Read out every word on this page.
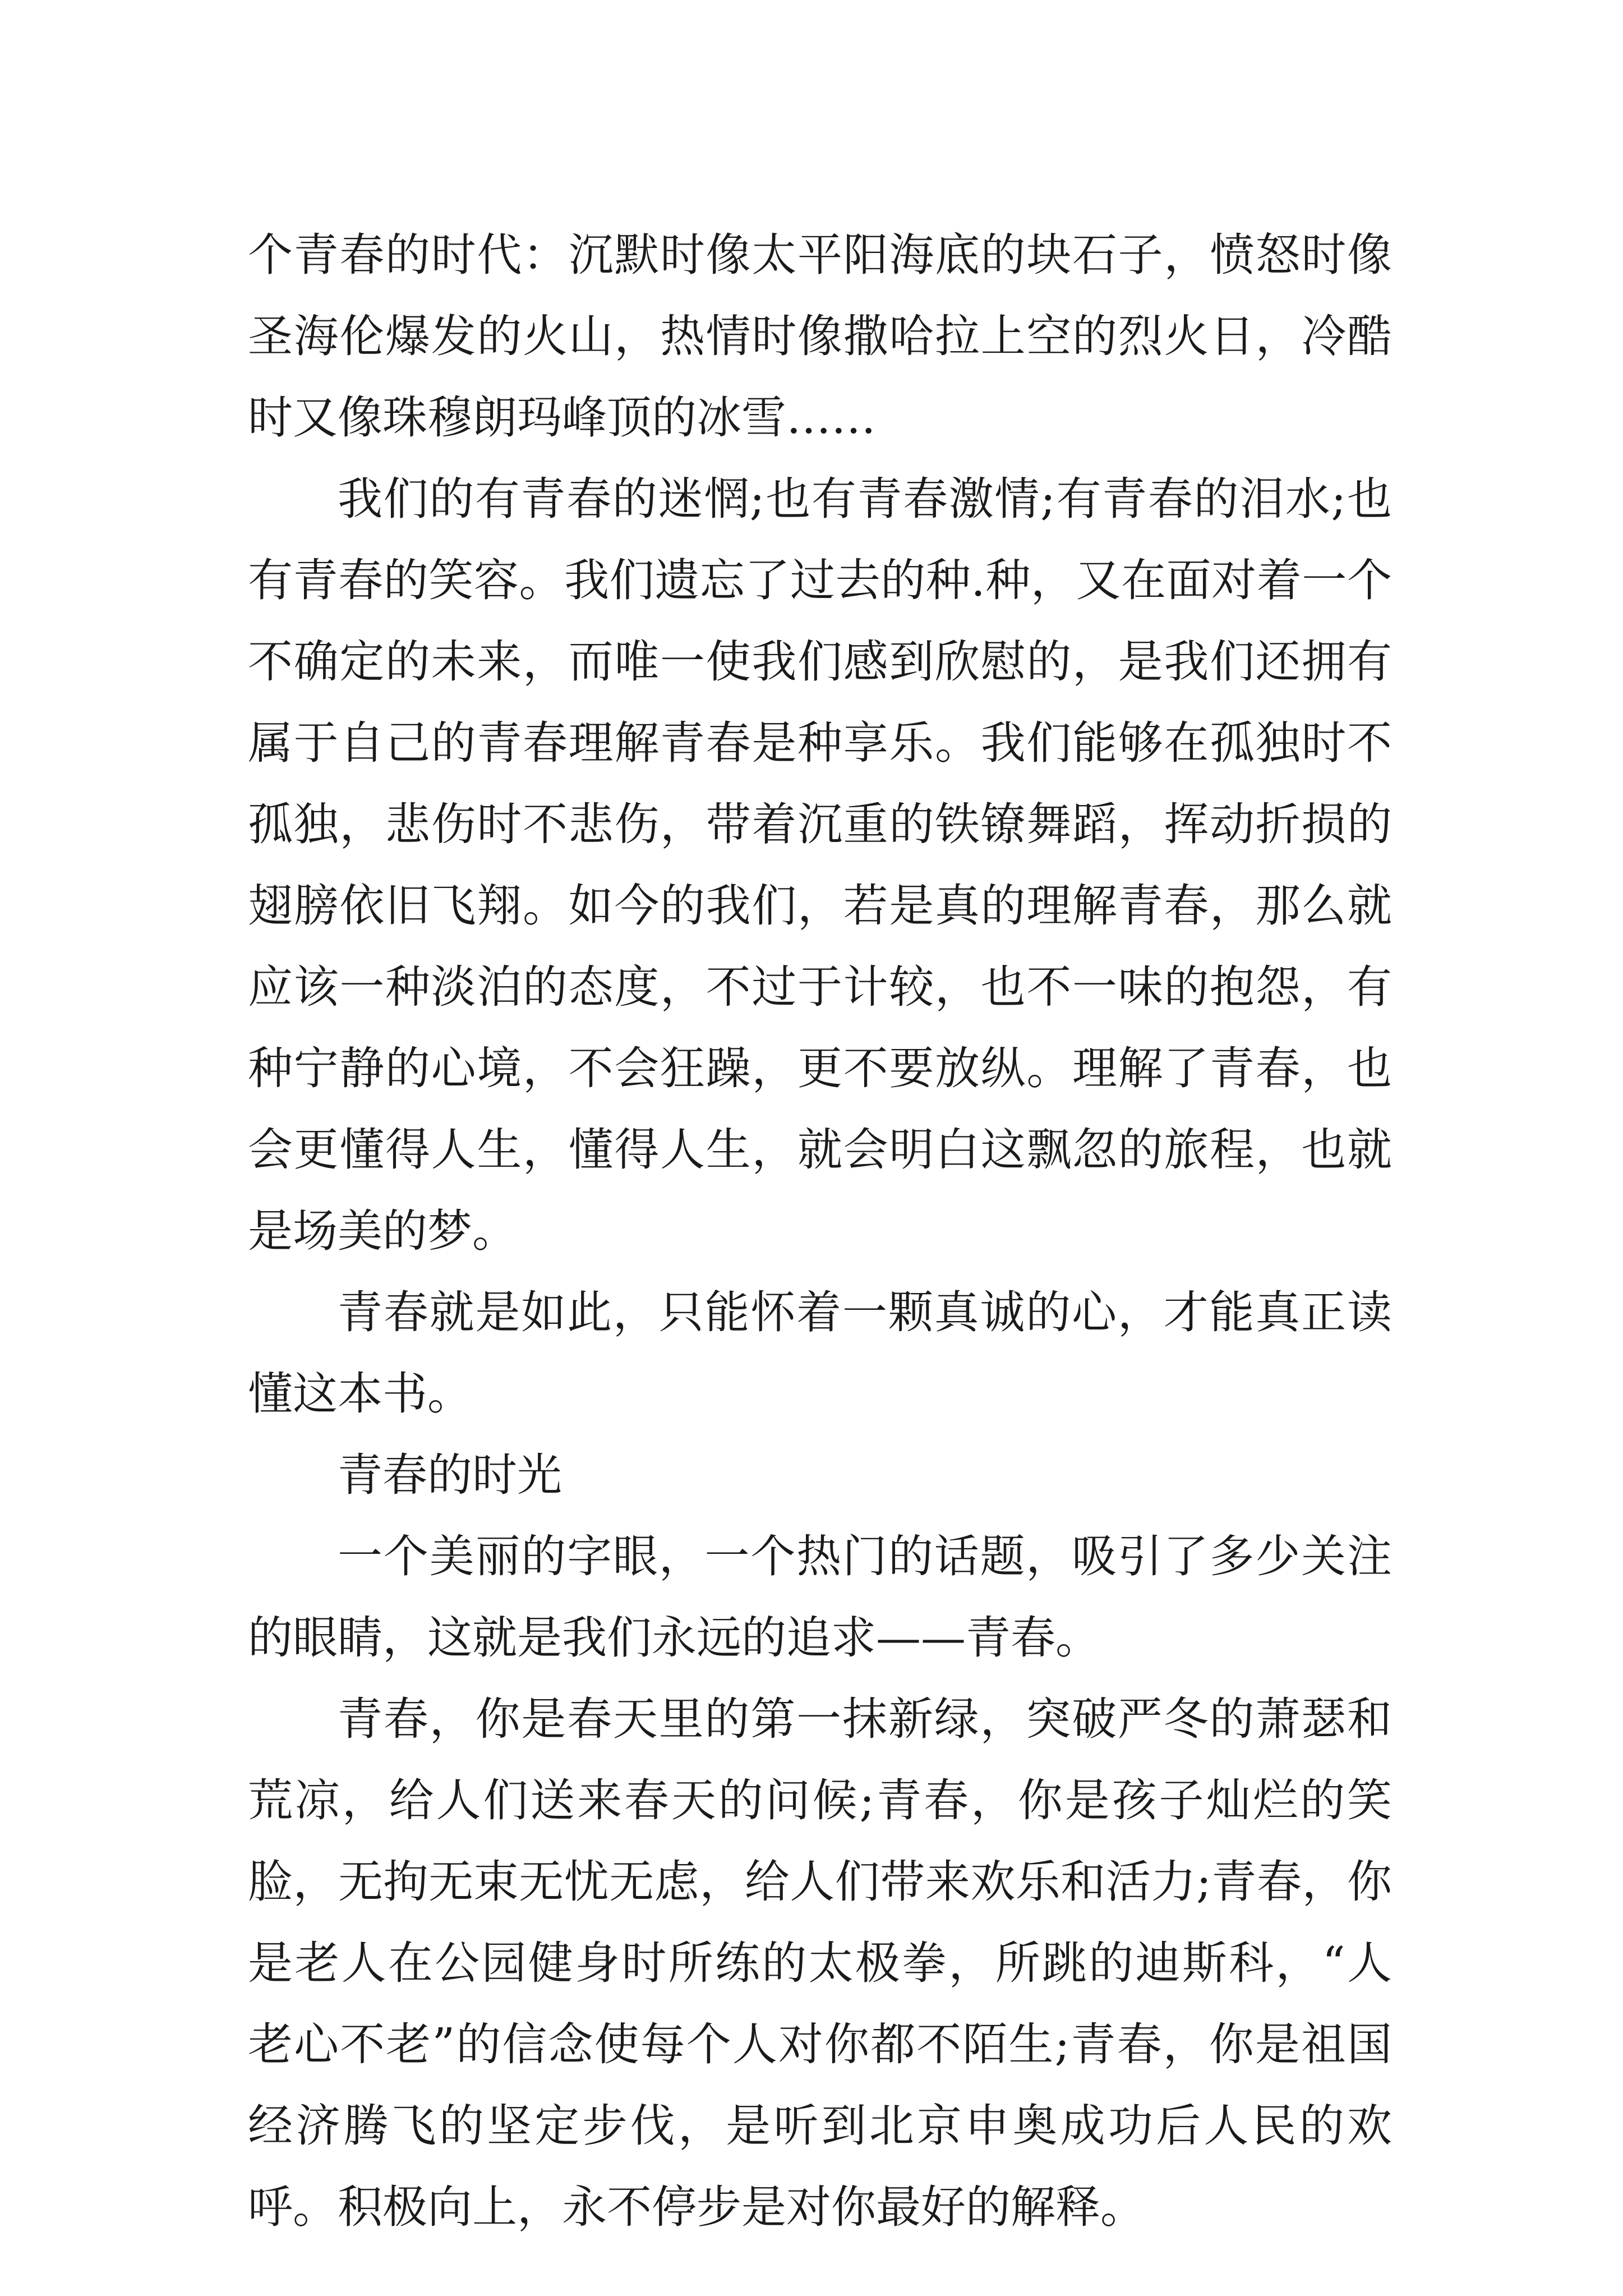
个青春的时代：沉默时像太平阳海底的块石子，愤怒时像圣海伦爆发的火山，热情时像撒哈拉上空的烈火日，冷酷时又像珠穆朗玛峰顶的冰雪……

我们的有青春的迷惘;也有青春激情;有青春的泪水;也有青春的笑容。我们遗忘了过去的种.种，又在面对着一个不确定的未来，而唯一使我们感到欣慰的，是我们还拥有属于自己的青春理解青春是种享乐。我们能够在孤独时不孤独，悲伤时不悲伤，带着沉重的铁镣舞蹈，挥动折损的翅膀依旧飞翔。如今的我们，若是真的理解青春，那么就应该一种淡泊的态度，不过于计较，也不一味的抱怨，有种宁静的心境，不会狂躁，更不要放纵。理解了青春，也会更懂得人生，懂得人生，就会明白这飘忽的旅程，也就是场美的梦。

青春就是如此，只能怀着一颗真诚的心，才能真正读懂这本书。

青春的时光

一个美丽的字眼，一个热门的话题，吸引了多少关注的眼睛，这就是我们永远的追求——青春。

青春，你是春天里的第一抹新绿，突破严冬的萧瑟和荒凉，给人们送来春天的问候;青春，你是孩子灿烂的笑脸，无拘无束无忧无虑，给人们带来欢乐和活力;青春，你是老人在公园健身时所练的太极拳，所跳的迪斯科，“人老心不老”的信念使每个人对你都不陌生;青春，你是祖国经济腾飞的坚定步伐，是听到北京申奥成功后人民的欢呼。积极向上，永不停步是对你最好的解释。
